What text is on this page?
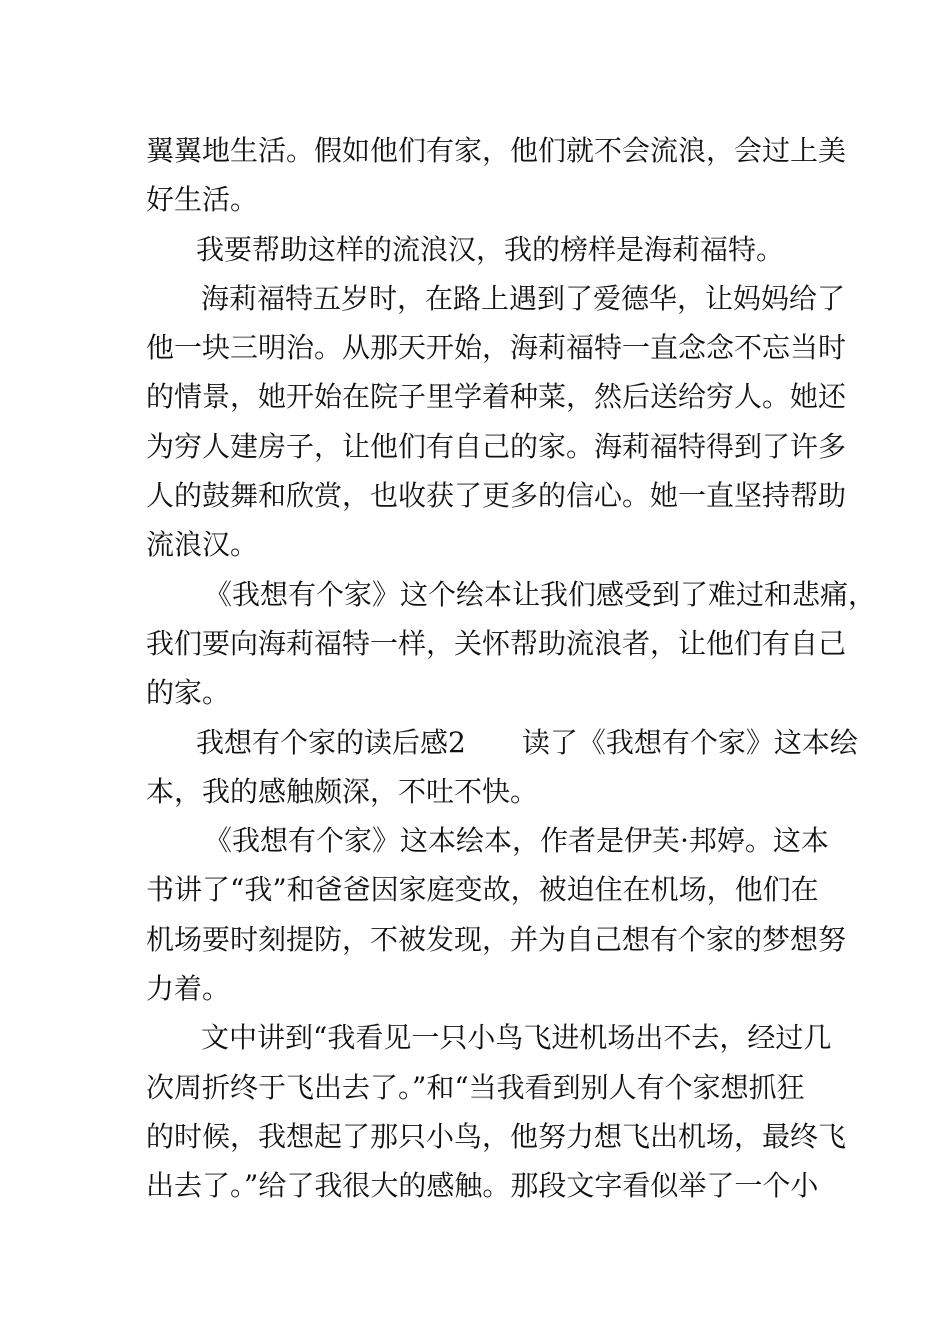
翼翼地生活。假如他们有家，他们就不会流浪，会过上美
好生活。
我要帮助这样的流浪汉，我的榜样是海莉福特。
海莉福特五岁时，在路上遇到了爱德华，让妈妈给了
他一块三明治。从那天开始，海莉福特一直念念不忘当时
的情景，她开始在院子里学着种菜，然后送给穷人。她还
为穷人建房子，让他们有自己的家。海莉福特得到了许多
人的鼓舞和欣赏，也收获了更多的信心。她一直坚持帮助
流浪汉。
《我想有个家》这个绘本让我们感受到了难过和悲痛，
我们要向海莉福特一样，关怀帮助流浪者，让他们有自己
的家。
我想有个家的读后感2　　读了《我想有个家》这本绘
本，我的感触颇深，不吐不快。
《我想有个家》这本绘本，作者是伊芙·邦婷。这本
书讲了“我”和爸爸因家庭变故，被迫住在机场，他们在
机场要时刻提防，不被发现，并为自己想有个家的梦想努
力着。
文中讲到“我看见一只小鸟飞进机场出不去，经过几
次周折终于飞出去了。”和“当我看到别人有个家想抓狂
的时候，我想起了那只小鸟，他努力想飞出机场，最终飞
出去了。”给了我很大的感触。那段文字看似举了一个小
